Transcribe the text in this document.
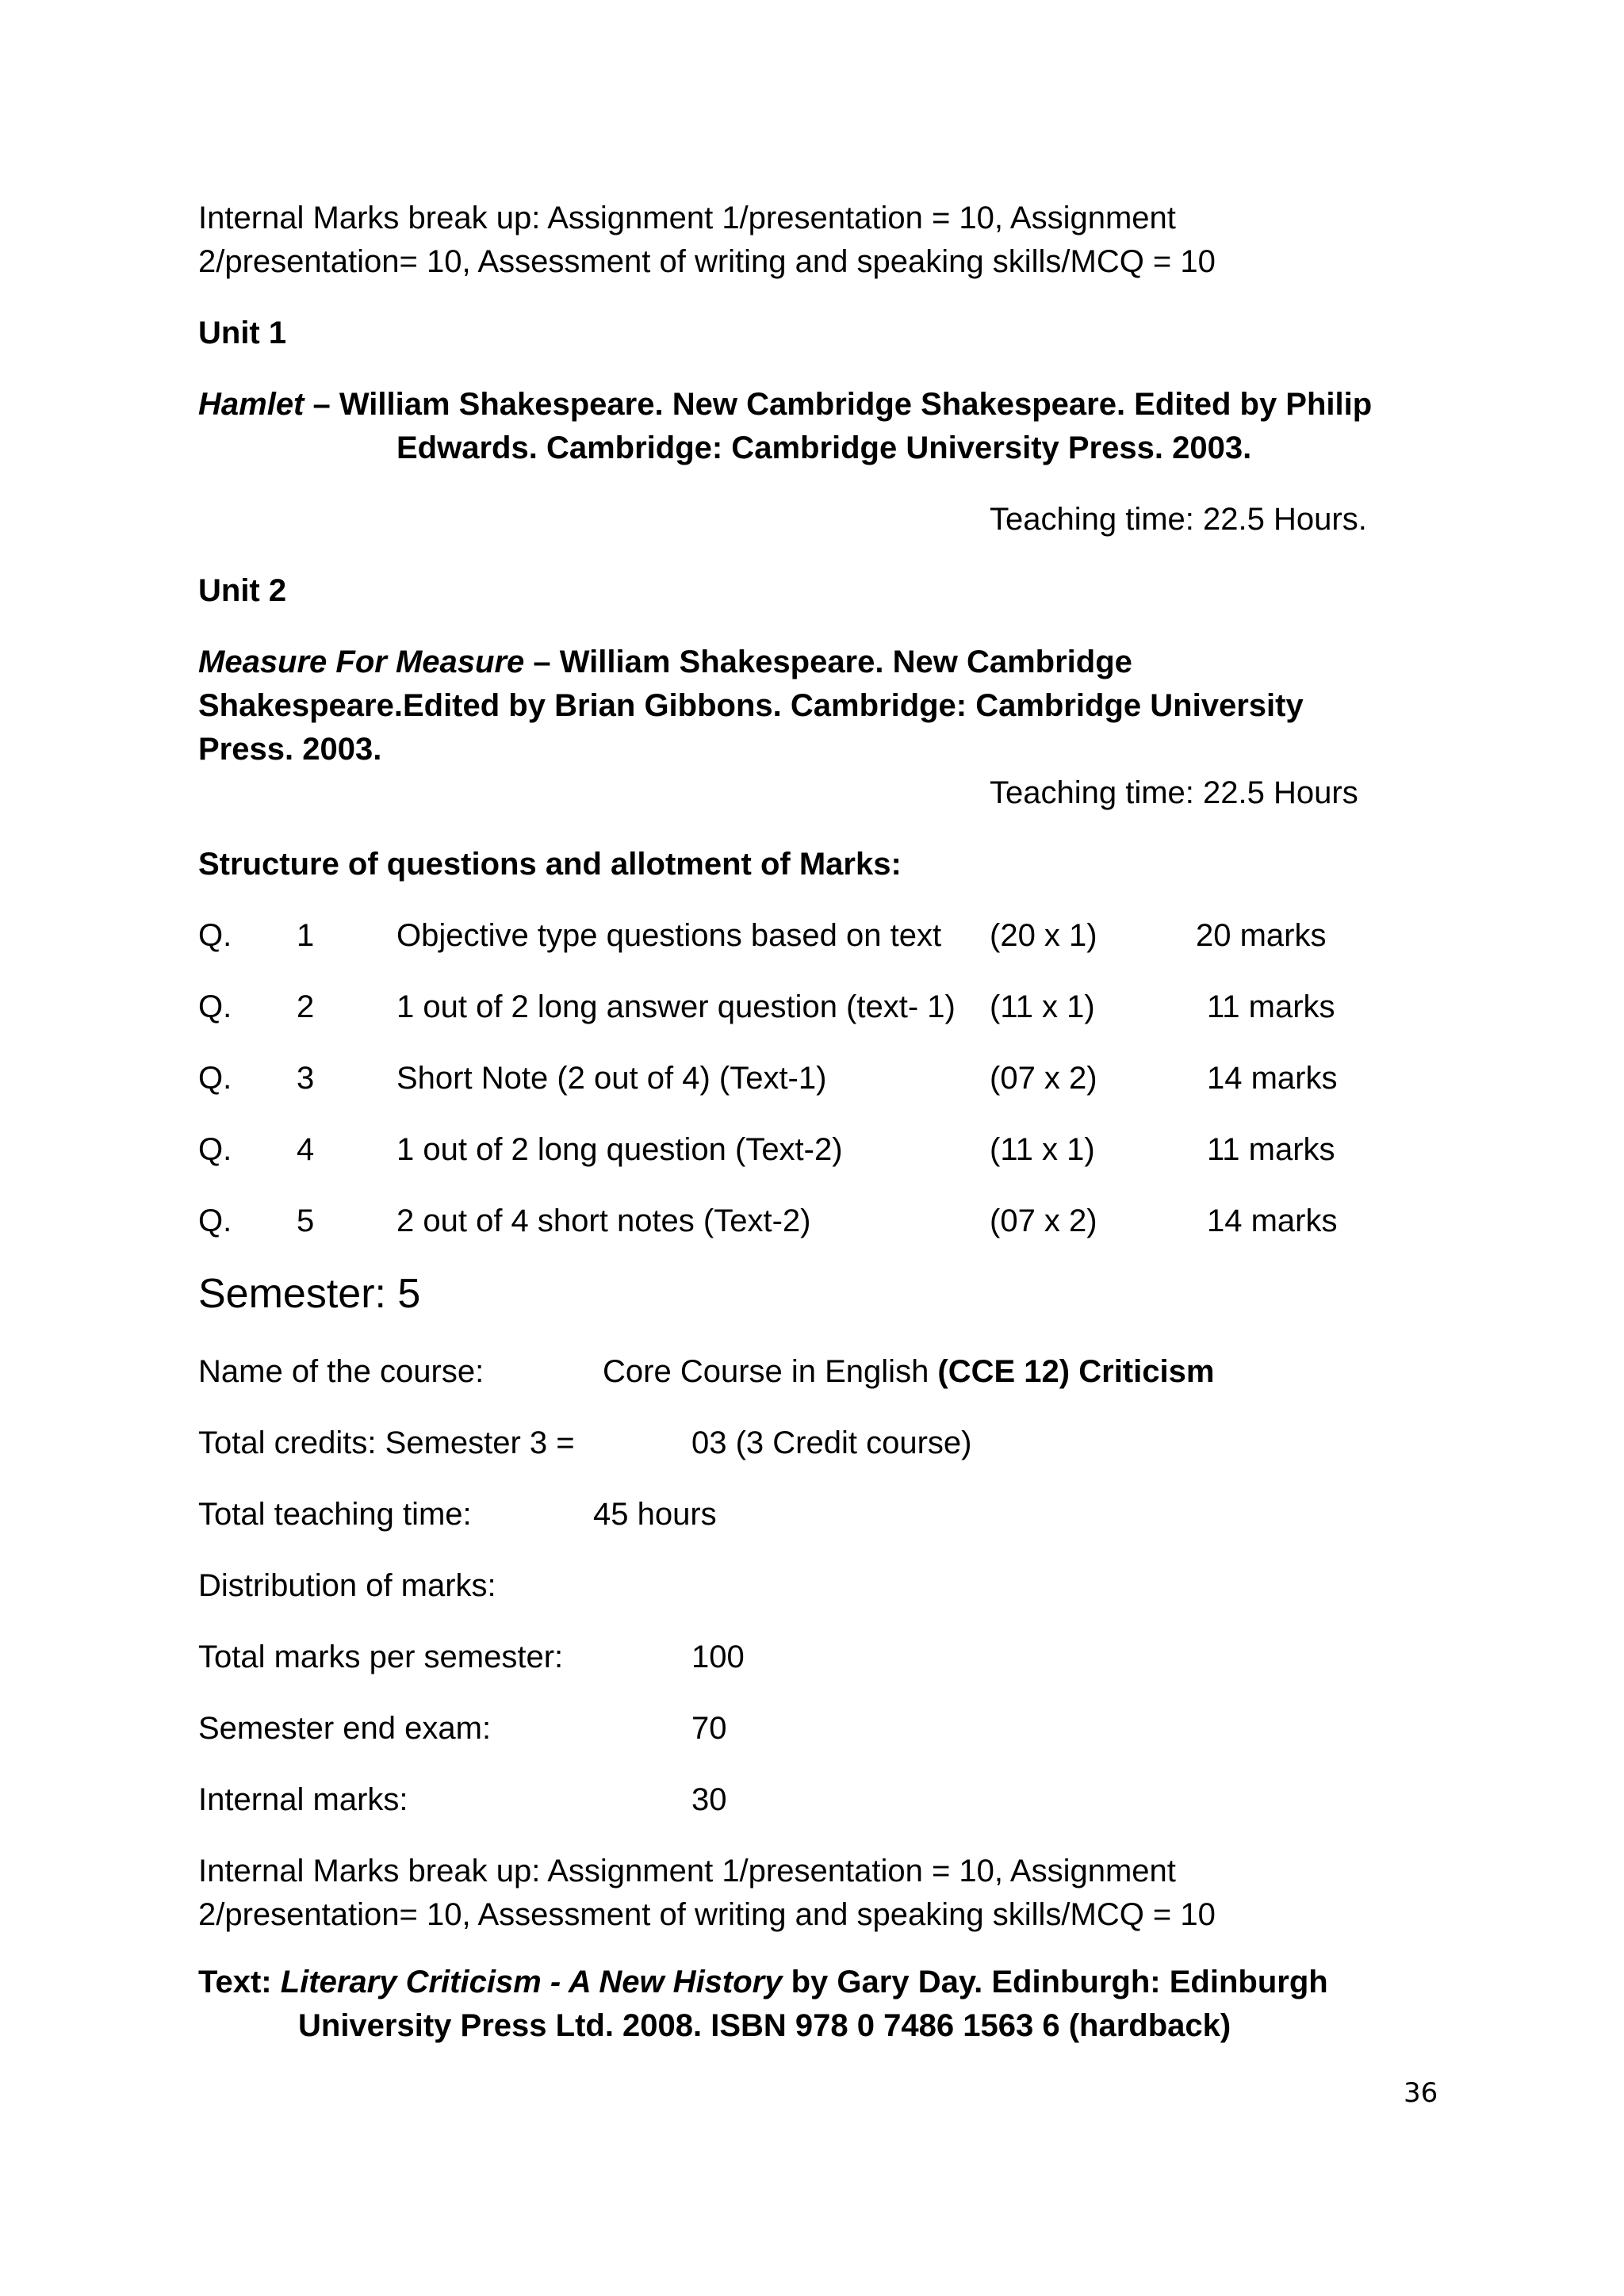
Internal Marks break up: Assignment 1/presentation = 10, Assignment
2/presentation= 10, Assessment of writing and speaking skills/MCQ = 10
Unit 1
Hamlet – William Shakespeare. New Cambridge Shakespeare. Edited by Philip
Edwards. Cambridge: Cambridge University Press. 2003.
Teaching time: 22.5 Hours.
Unit 2
Measure For Measure – William Shakespeare. New Cambridge
Shakespeare.Edited by Brian Gibbons. Cambridge: Cambridge University
Press. 2003.
Teaching time: 22.5 Hours
Structure of questions and allotment of Marks:
Q. 1	Objective type questions based on text (20 x 1)	20 marks
Q. 2	1 out of 2 long answer question (text- 1) (11 x 1)	11 marks
Q. 3	Short Note (2 out of 4) (Text-1)	(07 x 2)	14 marks
Q. 4	1 out of 2 long question (Text-2)	(11 x 1)	11 marks
Q. 5	2 out of 4 short notes (Text-2)	(07 x 2)	14 marks
Semester: 5
Name of the course:	Core Course in English (CCE 12) Criticism
Total credits: Semester 3 =	03 (3 Credit course)
Total teaching time:	45 hours
Distribution of marks:
Total marks per semester:	100
Semester end exam:	70
Internal marks:	30
Internal Marks break up: Assignment 1/presentation = 10, Assignment
2/presentation= 10, Assessment of writing and speaking skills/MCQ = 10
Text: Literary Criticism - A New History by Gary Day. Edinburgh: Edinburgh
University Press Ltd. 2008. ISBN 978 0 7486 1563 6 (hardback)
36
